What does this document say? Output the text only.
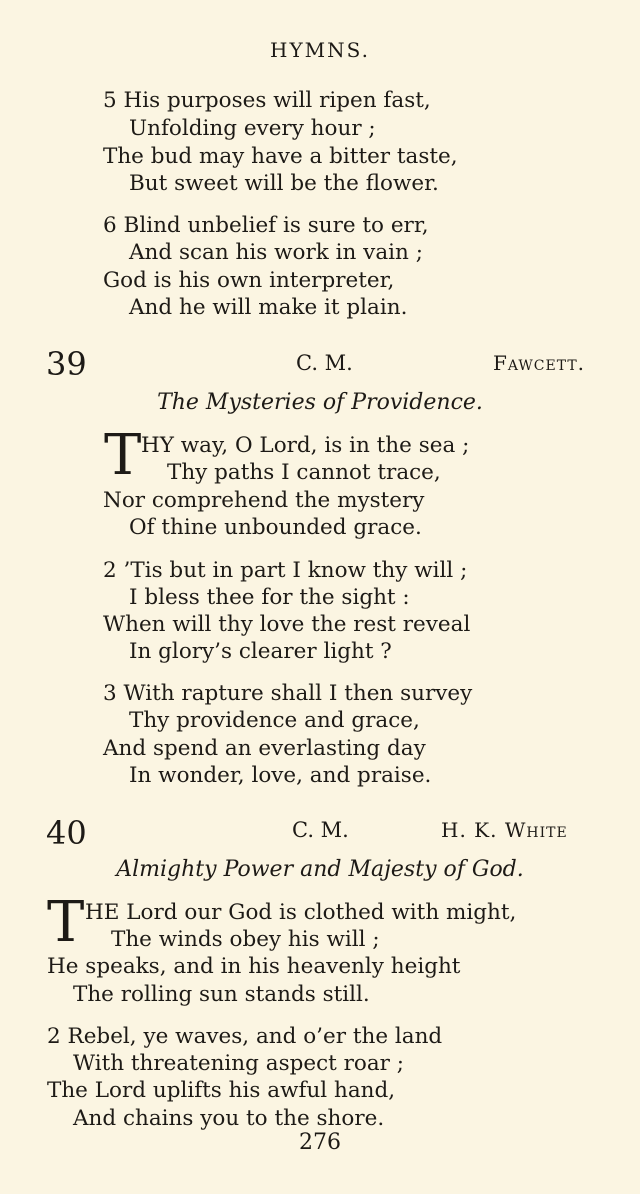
HYMNS.
5 His purposes will ripen fast,
Unfolding every hour ;
The bud may have a bitter taste,
But sweet will be the flower.
6 Blind unbelief is sure to err,
And scan his work in vain ;
God is his own interpreter,
And he will make it plain.
39	C. M.	Fawcett.
The Mysteries of Providence.
T HY way, O Lord, is in the sea ;
Thy paths I cannot trace,
Nor comprehend the mystery
Of thine unbounded grace.
2 ’Tis but in part I know thy will ;
I bless thee for the sight :
When will thy love the rest reveal
In glory’s clearer light ?
3 With rapture shall I then survey
Thy providence and grace,
And spend an everlasting day
In wonder, love, and praise.
40	C. M.	H. K. White
Almighty Power and Majesty of God.
T HE Lord our God is clothed with might,
The winds obey his will ;
He speaks, and in his heavenly height
The rolling sun stands still.
2 Rebel, ye waves, and o’er the land
With threatening aspect roar ;
The Lord uplifts his awful hand,
And chains you to the shore.
276
